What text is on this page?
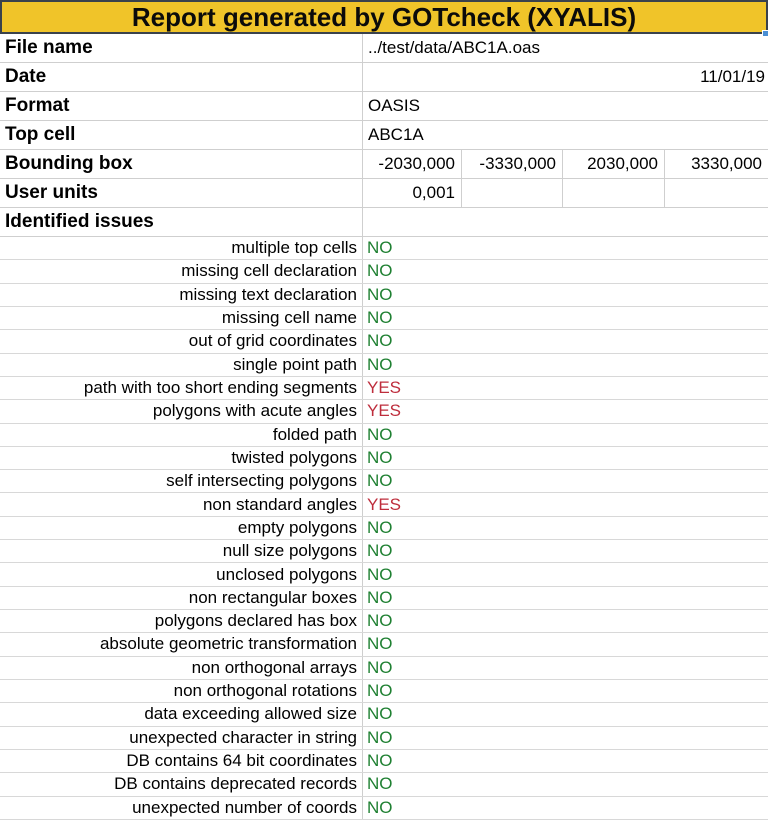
Report generated by GOTcheck (XYALIS)
File name	../test/data/ABC1A.oas
Date	11/01/19
Format	OASIS
Top cell	ABC1A
Bounding box	-2030,000	-3330,000	2030,000	3330,000
User units	0,001
Identified issues
multiple top cells NO
missing cell declaration NO
missing text declaration NO
missing cell name NO
out of grid coordinates NO
single point path NO
path with too short ending segments YES
polygons with acute angles YES
folded path NO
twisted polygons NO
self intersecting polygons NO
non standard angles YES
empty polygons NO
null size polygons NO
unclosed polygons NO
non rectangular boxes NO
polygons declared has box NO
absolute geometric transformation NO
non orthogonal arrays NO
non orthogonal rotations NO
data exceeding allowed size NO
unexpected character in string NO
DB contains 64 bit coordinates NO
DB contains deprecated records NO
unexpected number of coords NO
